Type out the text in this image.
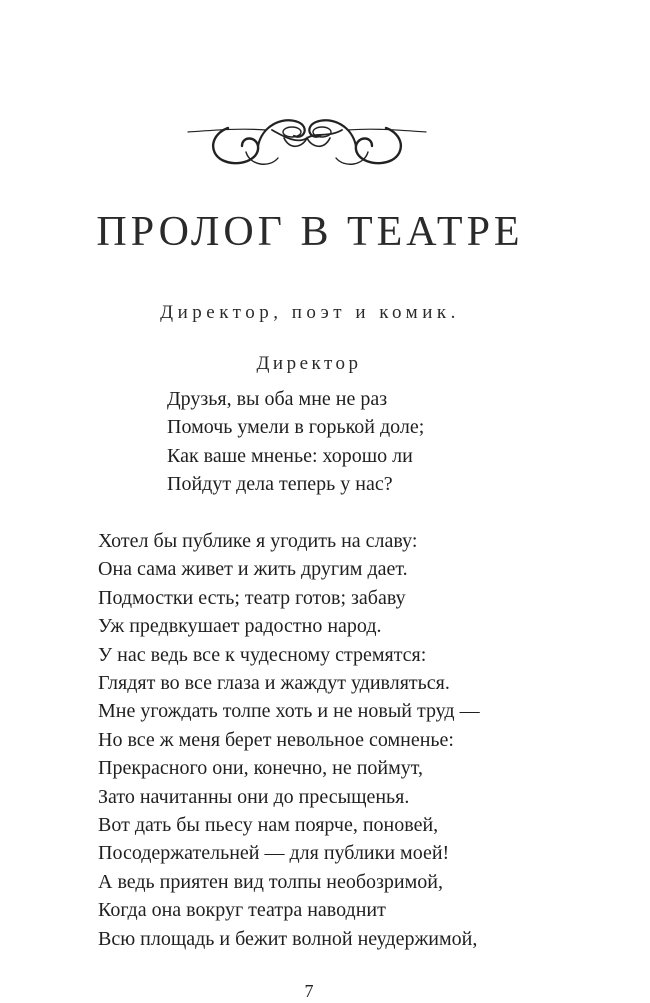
ПРОЛОГ В ТЕАТРЕ
Директор, поэт и комик.
Директор
Друзья, вы оба мне не раз
Помочь умели в горькой доле;
Как ваше мненье: хорошо ли
Пойдут дела теперь у нас?
Хотел бы публике я угодить на славу:
Она сама живет и жить другим дает.
Подмостки есть; театр готов; забаву
Уж предвкушает радостно народ.
У нас ведь все к чудесному стремятся:
Глядят во все глаза и жаждут удивляться.
Мне угождать толпе хоть и не новый труд —
Но все ж меня берет невольное сомненье:
Прекрасного они, конечно, не поймут,
Зато начитанны они до пресыщенья.
Вот дать бы пьесу нам поярче, поновей,
Посодержательней — для публики моей!
А ведь приятен вид толпы необозримой,
Когда она вокруг театра наводнит
Всю площадь и бежит волной неудержимой,
7
